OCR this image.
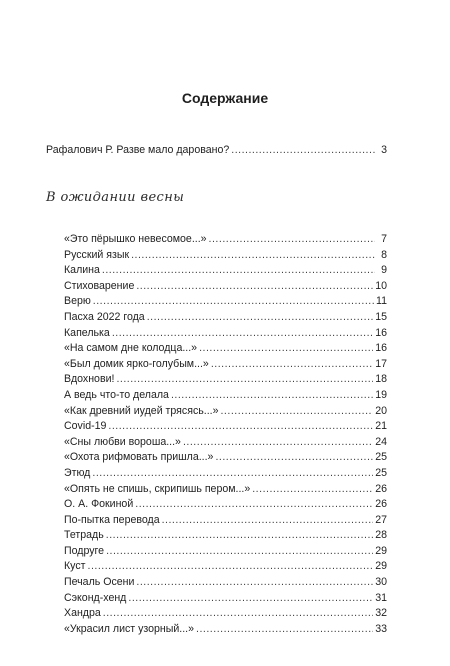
Содержание
Рафалович Р. Разве мало даровано? .....	3
В ожидании весны
«Это пёрышко невесомое...» .....	7
Русский язык .....	8
Калина .....	9
Стиховарение .....	10
Верю .....	11
Пасха 2022 года .....	15
Капелька .....	16
«На самом дне колодца...» .....	16
«Был домик ярко-голубым...» .....	17
Вдохнови! .....	18
А ведь что-то делала .....	19
«Как древний иудей трясясь...» .....	20
Covid-19 .....	21
«Сны любви вороша...» .....	24
«Охота рифмовать пришла...» .....	25
Этюд .....	25
«Опять не спишь, скрипишь пером...» .....	26
О. А. Фокиной .....	26
По-пытка перевода .....	27
Тетрадь .....	28
Подруге .....	29
Куст .....	29
Печаль Осени .....	30
Сэконд-хенд .....	31
Хандра .....	32
«Украсил лист узорный...» .....	33
